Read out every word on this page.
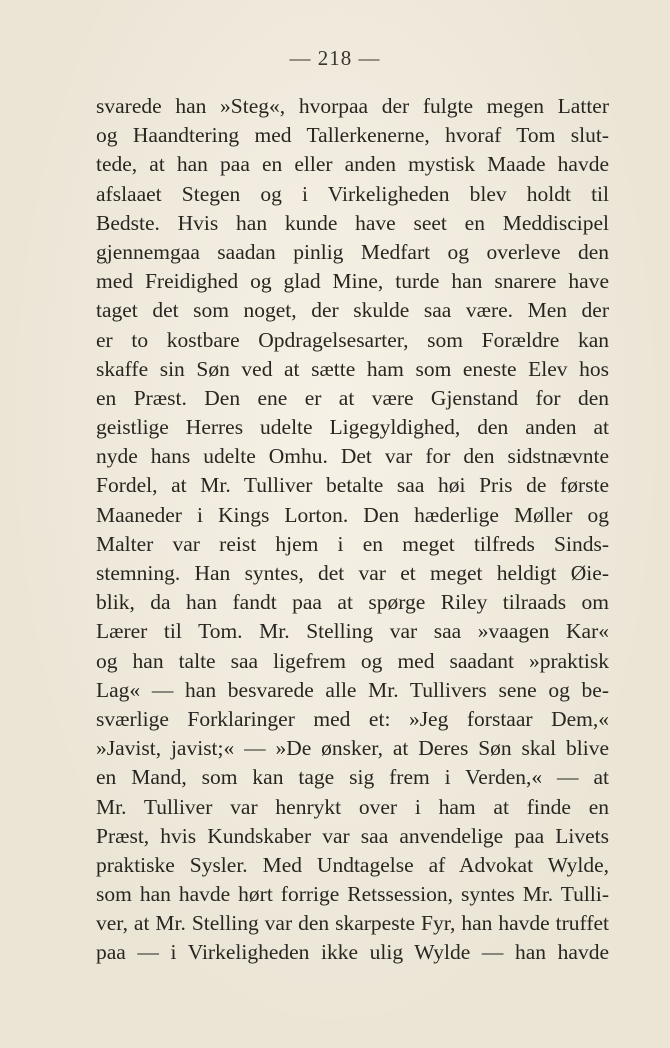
— 218 —
svarede han »Steg«, hvorpaa der fulgte megen Latter
og Haandtering med Tallerkenerne, hvoraf Tom slut-
tede, at han paa en eller anden mystisk Maade havde
afslaaet Stegen og i Virkeligheden blev holdt til
Bedste. Hvis han kunde have seet en Meddiscipel
gjennemgaa saadan pinlig Medfart og overleve den
med Freidighed og glad Mine, turde han snarere have
taget det som noget, der skulde saa være. Men der
er to kostbare Opdragelsesarter, som Forældre kan
skaffe sin Søn ved at sætte ham som eneste Elev hos
en Præst. Den ene er at være Gjenstand for den
geistlige Herres udelte Ligegyldighed, den anden at
nyde hans udelte Omhu. Det var for den sidstnævnte
Fordel, at Mr. Tulliver betalte saa høi Pris de første
Maaneder i Kings Lorton. Den hæderlige Møller og
Malter var reist hjem i en meget tilfreds Sinds-
stemning. Han syntes, det var et meget heldigt Øie-
blik, da han fandt paa at spørge Riley tilraads om
Lærer til Tom. Mr. Stelling var saa »vaagen Kar«
og han talte saa ligefrem og med saadant »praktisk
Lag« — han besvarede alle Mr. Tullivers sene og be-
sværlige Forklaringer med et: »Jeg forstaar Dem,«
»Javist, javist;« — »De ønsker, at Deres Søn skal blive
en Mand, som kan tage sig frem i Verden,« — at
Mr. Tulliver var henrykt over i ham at finde en
Præst, hvis Kundskaber var saa anvendelige paa Livets
praktiske Sysler. Med Undtagelse af Advokat Wylde,
som han havde hørt forrige Retssession, syntes Mr. Tulli-
ver, at Mr. Stelling var den skarpeste Fyr, han havde truffet
paa — i Virkeligheden ikke ulig Wylde — han havde
